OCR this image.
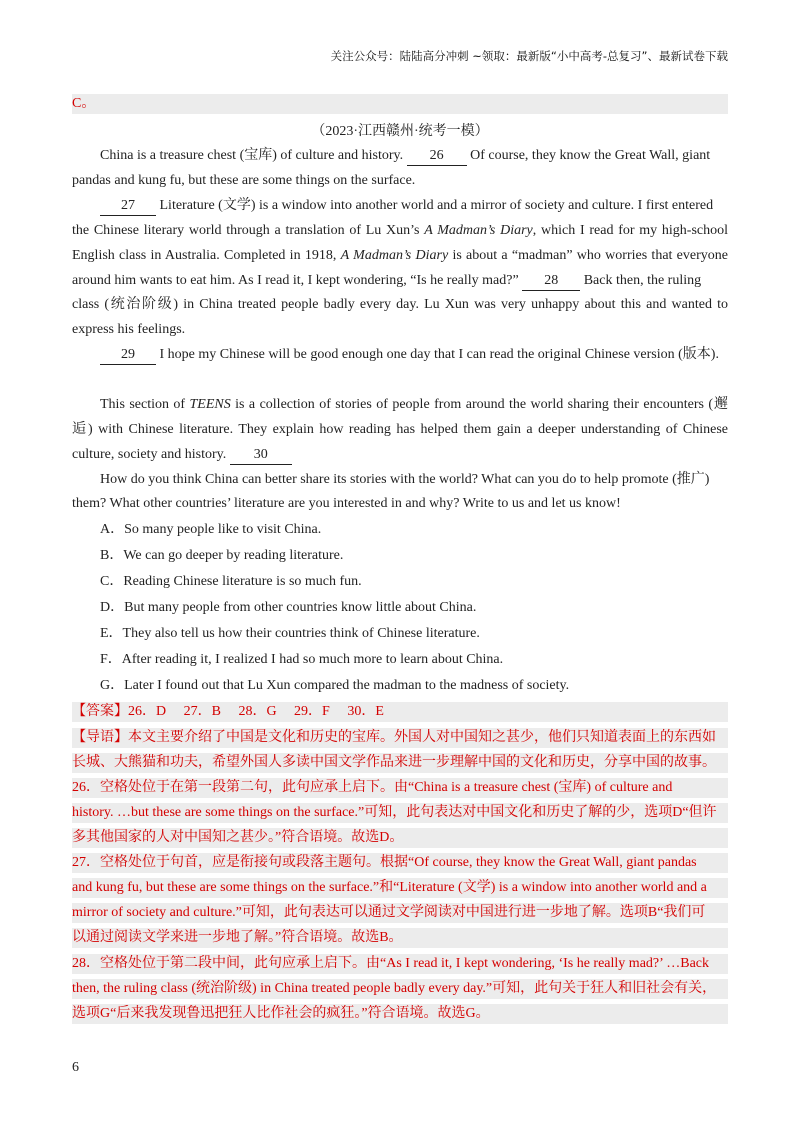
关注公众号：陆陆高分冲刺 ~领取：最新版“小中高考-总复习”、最新试卷下载
C。
（2023·江西赣州·统考一模）
China is a treasure chest (宝库) of culture and history. 26 Of course, they know the Great Wall, giant
pandas and kung fu, but these are some things on the surface.
27 Literature (文学) is a window into another world and a mirror of society and culture. I first entered
the Chinese literary world through a translation of Lu Xun’s A Madman’s Diary, which I read for my high-school
English class in Australia. Completed in 1918, A Madman’s Diary is about a “madman” who worries that everyone
around him wants to eat him. As I read it, I kept wondering, “Is he really mad?” 28 Back then, the ruling
class (统治阶级) in China treated people badly every day. Lu Xun was very unhappy about this and wanted to
express his feelings.
29 I hope my Chinese will be good enough one day that I can read the original Chinese version (版本).
This section of TEENS is a collection of stories of people from around the world sharing their encounters (邂
逅) with Chinese literature. They explain how reading has helped them gain a deeper understanding of Chinese
culture, society and history. 30
How do you think China can better share its stories with the world? What can you do to help promote (推广)
them? What other countries’ literature are you interested in and why? Write to us and let us know!
A．So many people like to visit China.
B．We can go deeper by reading literature.
C．Reading Chinese literature is so much fun.
D．But many people from other countries know little about China.
E．They also tell us how their countries think of Chinese literature.
F．After reading it, I realized I had so much more to learn about China.
G．Later I found out that Lu Xun compared the madman to the madness of society.
【答案】26．D　 27．B　 28．G　 29．F　 30．E
【导语】本文主要介绍了中国是文化和历史的宝库。外国人对中国知之甚少，他们只知道表面上的东西如
长城、大熊猫和功夫，希望外国人多读中国文学作品来进一步理解中国的文化和历史，分享中国的故事。
26．空格处位于在第一段第二句，此句应承上启下。由“China is a treasure chest (宝库) of culture and
history. …but these are some things on the surface.”可知，此句表达对中国文化和历史了解的少，选项D“但许
多其他国家的人对中国知之甚少。”符合语境。故选D。
27．空格处位于句首，应是衔接句或段落主题句。根据“Of course, they know the Great Wall, giant pandas
and kung fu, but these are some things on the surface.”和“Literature (文学) is a window into another world and a
mirror of society and culture.”可知，此句表达可以通过文学阅读对中国进行进一步地了解。选项B“我们可
以通过阅读文学来进一步地了解。”符合语境。故选B。
28．空格处位于第二段中间，此句应承上启下。由“As I read it, I kept wondering, ‘Is he really mad?’ …Back
then, the ruling class (统治阶级) in China treated people badly every day.”可知，此句关于狂人和旧社会有关，
选项G“后来我发现鲁迅把狂人比作社会的疯狂。”符合语境。故选G。
6
